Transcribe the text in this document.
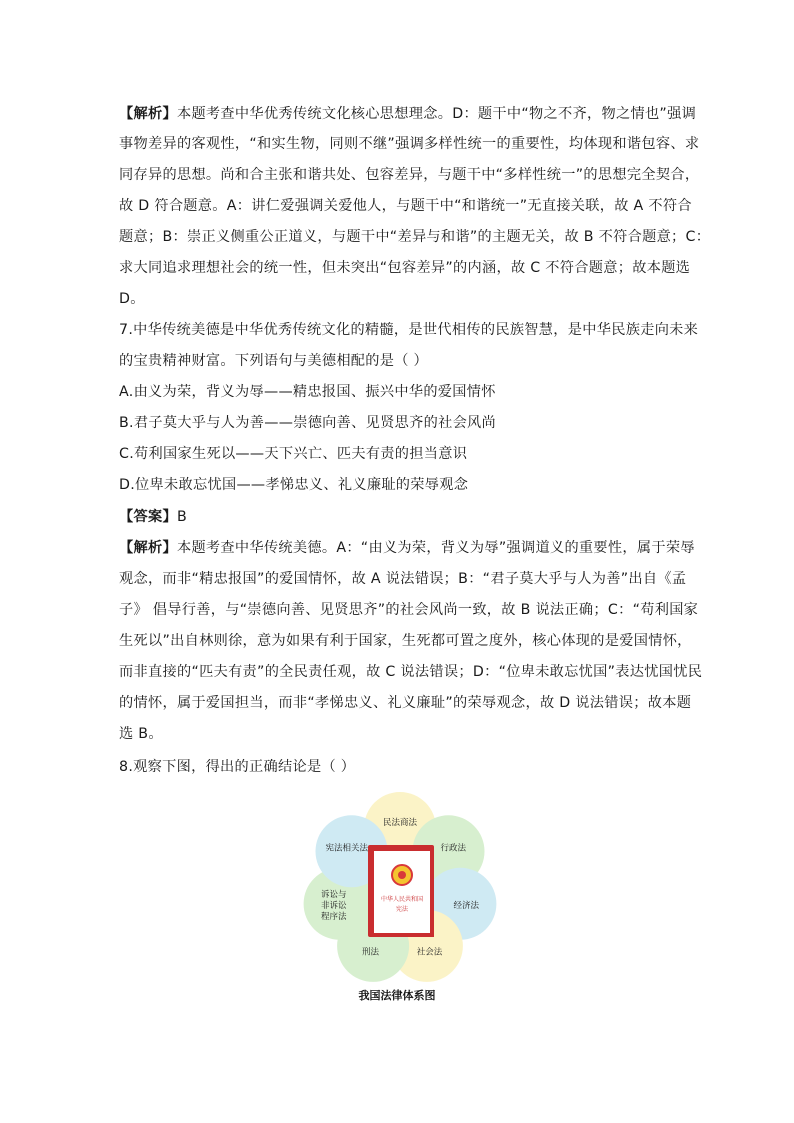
【解析】本题考查中华优秀传统文化核心思想理念。D：题干中“物之不齐，物之情也”强调
事物差异的客观性，“和实生物，同则不继”强调多样性统一的重要性，均体现和谐包容、求
同存异的思想。尚和合主张和谐共处、包容差异，与题干中“多样性统一”的思想完全契合，
故 D 符合题意。A：讲仁爱强调关爱他人，与题干中“和谐统一”无直接关联，故 A 不符合
题意；B：崇正义侧重公正道义，与题干中“差异与和谐”的主题无关，故 B 不符合题意；C：
求大同追求理想社会的统一性，但未突出“包容差异”的内涵，故 C 不符合题意；故本题选
D。
7.中华传统美德是中华优秀传统文化的精髓，是世代相传的民族智慧，是中华民族走向未来
的宝贵精神财富。下列语句与美德相配的是（ ）
A.由义为荣，背义为辱——精忠报国、振兴中华的爱国情怀
B.君子莫大乎与人为善——崇德向善、见贤思齐的社会风尚
C.苟利国家生死以——天下兴亡、匹夫有责的担当意识
D.位卑未敢忘忧国——孝悌忠义、礼义廉耻的荣辱观念
【答案】B
【解析】本题考查中华传统美德。A：“由义为荣，背义为辱”强调道义的重要性，属于荣辱
观念，而非“精忠报国”的爱国情怀，故 A 说法错误；B：“君子莫大乎与人为善”出自《孟
子》 倡导行善，与“崇德向善、见贤思齐”的社会风尚一致，故 B 说法正确；C：“苟利国家
生死以”出自林则徐，意为如果有利于国家，生死都可置之度外，核心体现的是爱国情怀，
而非直接的“匹夫有责”的全民责任观，故 C 说法错误；D：“位卑未敢忘忧国”表达忧国忧民
的情怀，属于爱国担当，而非“孝悌忠义、礼义廉耻”的荣辱观念，故 D 说法错误；故本题
选 B。
8.观察下图，得出的正确结论是（ ）
民法商法
行政法
经济法
社会法
刑法
诉讼与
非诉讼
程序法
宪法相关法
中华人民共和国
宪法
我国法律体系图
